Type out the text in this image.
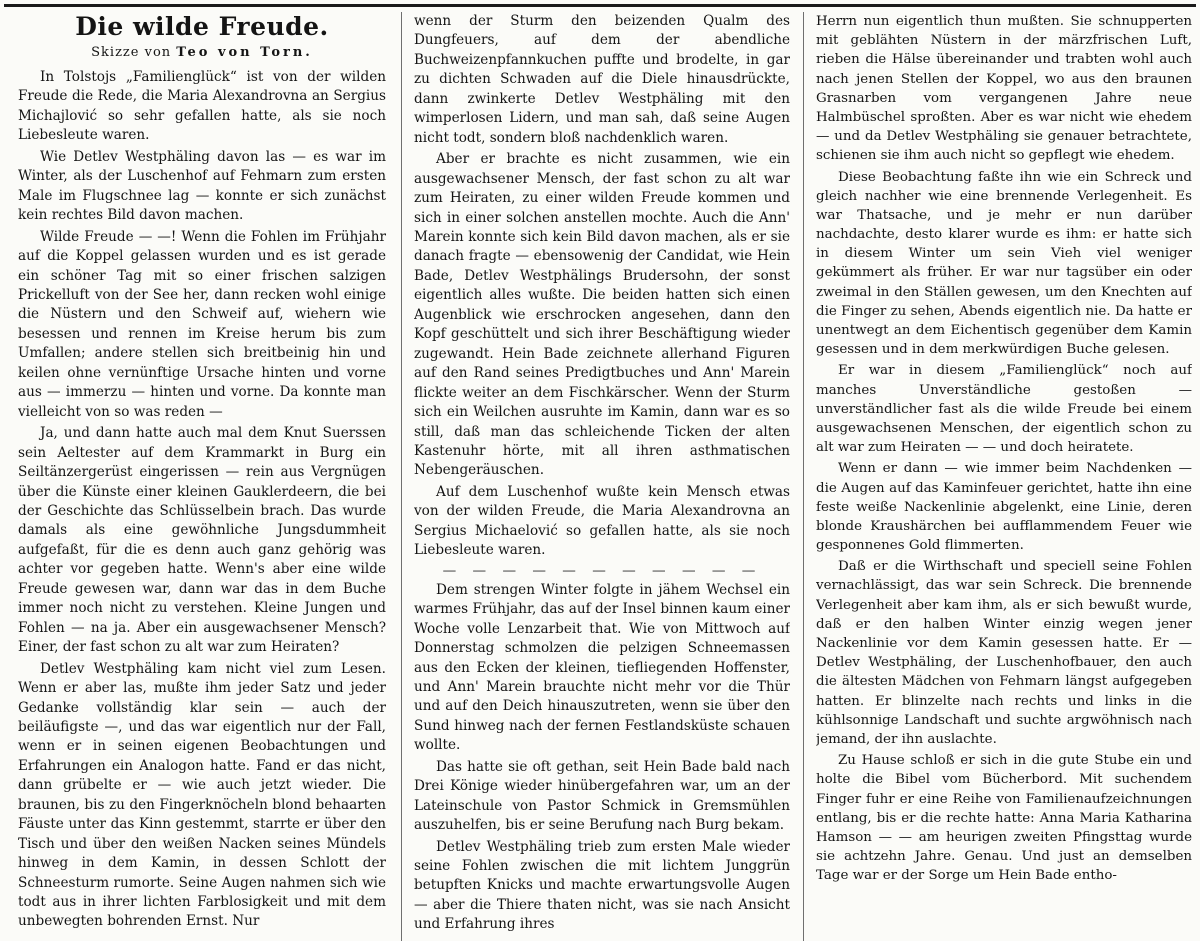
Die wilde Freude.
Skizze von Teo von Torn.

In Tolstojs „Familienglück“ ist von der wilden Freude die Rede, die Maria Alexandrovna an Sergius Michajlović so sehr gefallen hatte, als sie noch Liebesleute waren.

Wie Detlev Westphäling davon las — es war im Winter, als der Luschenhof auf Fehmarn zum ersten Male im Flugschnee lag — konnte er sich zunächst kein rechtes Bild davon machen.

Wilde Freude — —! Wenn die Fohlen im Frühjahr auf die Koppel gelassen wurden und es ist gerade ein schöner Tag mit so einer frischen salzigen Prickelluft von der See her, dann recken wohl einige die Nüstern und den Schweif auf, wiehern wie besessen und rennen im Kreise herum bis zum Umfallen; andere stellen sich breitbeinig hin und keilen ohne vernünftige Ursache hinten und vorne aus — immerzu — hinten und vorne. Da konnte man vielleicht von so was reden —

Ja, und dann hatte auch mal dem Knut Suerssen sein Aeltester auf dem Krammarkt in Burg ein Seiltänzergerüst eingerissen — rein aus Vergnügen über die Künste einer kleinen Gauklerdeern, die bei der Geschichte das Schlüsselbein brach. Das wurde damals als eine gewöhnliche Jungsdummheit aufgefaßt, für die es denn auch ganz gehörig was achter vor gegeben hatte. Wenn's aber eine wilde Freude gewesen war, dann war das in dem Buche immer noch nicht zu verstehen. Kleine Jungen und Fohlen — na ja. Aber ein ausgewachsener Mensch? Einer, der fast schon zu alt war zum Heiraten?

Detlev Westphäling kam nicht viel zum Lesen. Wenn er aber las, mußte ihm jeder Satz und jeder Gedanke vollständig klar sein — auch der beiläufigste —, und das war eigentlich nur der Fall, wenn er in seinen eigenen Beobachtungen und Erfahrungen ein Analogon hatte. Fand er das nicht, dann grübelte er — wie auch jetzt wieder. Die braunen, bis zu den Fingerknöcheln blond behaarten Fäuste unter das Kinn gestemmt, starrte er über den Tisch und über den weißen Nacken seines Mündels hinweg in dem Kamin, in dessen Schlott der Schneesturm rumorte. Seine Augen nahmen sich wie todt aus in ihrer lichten Farblosigkeit und mit dem unbewegten bohrenden Ernst. Nur

wenn der Sturm den beizenden Qualm des Dungfeuers, auf dem der abendliche Buchweizenpfannkuchen puffte und brodelte, in gar zu dichten Schwaden auf die Diele hinausdrückte, dann zwinkerte Detlev Westphäling mit den wimperlosen Lidern, und man sah, daß seine Augen nicht todt, sondern bloß nachdenklich waren.

Aber er brachte es nicht zusammen, wie ein ausgewachsener Mensch, der fast schon zu alt war zum Heiraten, zu einer wilden Freude kommen und sich in einer solchen anstellen mochte. Auch die Ann' Marein konnte sich kein Bild davon machen, als er sie danach fragte — ebensowenig der Candidat, wie Hein Bade, Detlev Westphälings Brudersohn, der sonst eigentlich alles wußte. Die beiden hatten sich einen Augenblick wie erschrocken angesehen, dann den Kopf geschüttelt und sich ihrer Beschäftigung wieder zugewandt. Hein Bade zeichnete allerhand Figuren auf den Rand seines Predigtbuches und Ann' Marein flickte weiter an dem Fischkärscher. Wenn der Sturm sich ein Weilchen ausruhte im Kamin, dann war es so still, daß man das schleichende Ticken der alten Kastenuhr hörte, mit all ihren asthmatischen Nebengeräuschen.

Auf dem Luschenhof wußte kein Mensch etwas von der wilden Freude, die Maria Alexandrovna an Sergius Michaelović so gefallen hatte, als sie noch Liebesleute waren.

— — — — — — — — — — —

Dem strengen Winter folgte in jähem Wechsel ein warmes Frühjahr, das auf der Insel binnen kaum einer Woche volle Lenzarbeit that. Wie von Mittwoch auf Donnerstag schmolzen die pelzigen Schneemassen aus den Ecken der kleinen, tiefliegenden Hoffenster, und Ann' Marein brauchte nicht mehr vor die Thür und auf den Deich hinauszutreten, wenn sie über den Sund hinweg nach der fernen Festlandsküste schauen wollte.

Das hatte sie oft gethan, seit Hein Bade bald nach Drei Könige wieder hinübergefahren war, um an der Lateinschule von Pastor Schmick in Gremsmühlen auszuhelfen, bis er seine Berufung nach Burg bekam.

Detlev Westphäling trieb zum ersten Male wieder seine Fohlen zwischen die mit lichtem Junggrün betupften Knicks und machte erwartungsvolle Augen — aber die Thiere thaten nicht, was sie nach Ansicht und Erfahrung ihres

Herrn nun eigentlich thun mußten. Sie schnupperten mit geblähten Nüstern in der märzfrischen Luft, rieben die Hälse übereinander und trabten wohl auch nach jenen Stellen der Koppel, wo aus den braunen Grasnarben vom vergangenen Jahre neue Halmbüschel sproßten. Aber es war nicht wie ehedem — und da Detlev Westphäling sie genauer betrachtete, schienen sie ihm auch nicht so gepflegt wie ehedem.

Diese Beobachtung faßte ihn wie ein Schreck und gleich nachher wie eine brennende Verlegenheit. Es war Thatsache, und je mehr er nun darüber nachdachte, desto klarer wurde es ihm: er hatte sich in diesem Winter um sein Vieh viel weniger gekümmert als früher. Er war nur tagsüber ein oder zweimal in den Ställen gewesen, um den Knechten auf die Finger zu sehen, Abends eigentlich nie. Da hatte er unentwegt an dem Eichentisch gegenüber dem Kamin gesessen und in dem merkwürdigen Buche gelesen.

Er war in diesem „Familienglück“ noch auf manches Unverständliche gestoßen — unverständlicher fast als die wilde Freude bei einem ausgewachsenen Menschen, der eigentlich schon zu alt war zum Heiraten — — und doch heiratete.

Wenn er dann — wie immer beim Nachdenken — die Augen auf das Kaminfeuer gerichtet, hatte ihn eine feste weiße Nackenlinie abgelenkt, eine Linie, deren blonde Kraushärchen bei aufflammendem Feuer wie gesponnenes Gold flimmerten.

Daß er die Wirthschaft und speciell seine Fohlen vernachlässigt, das war sein Schreck. Die brennende Verlegenheit aber kam ihm, als er sich bewußt wurde, daß er den halben Winter einzig wegen jener Nackenlinie vor dem Kamin gesessen hatte. Er — Detlev Westphäling, der Luschenhofbauer, den auch die ältesten Mädchen von Fehmarn längst aufgegeben hatten. Er blinzelte nach rechts und links in die kühlsonnige Landschaft und suchte argwöhnisch nach jemand, der ihn auslachte.

Zu Hause schloß er sich in die gute Stube ein und holte die Bibel vom Bücherbord. Mit suchendem Finger fuhr er eine Reihe von Familienaufzeichnungen entlang, bis er die rechte hatte: Anna Maria Katharina Hamson — — am heurigen zweiten Pfingsttag wurde sie achtzehn Jahre. Genau. Und just an demselben Tage war er der Sorge um Hein Bade entho-
